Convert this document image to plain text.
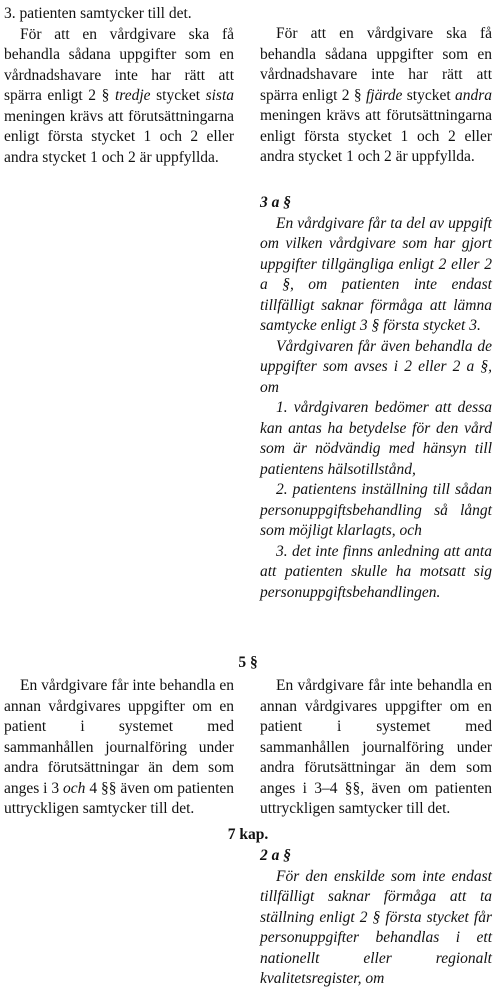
3. patienten samtycker till det.

För att en vårdgivare ska få behandla sådana uppgifter som en vårdnadshavare inte har rätt att spärra enligt 2 § tredje stycket sista meningen krävs att förutsättningarna enligt första stycket 1 och 2 eller andra stycket 1 och 2 är uppfyllda.

För att en vårdgivare ska få behandla sådana uppgifter som en vårdnadshavare inte har rätt att spärra enligt 2 § fjärde stycket andra meningen krävs att förutsättningarna enligt första stycket 1 och 2 eller andra stycket 1 och 2 är uppfyllda.

3 a §

En vårdgivare får ta del av uppgift om vilken vårdgivare som har gjort uppgifter tillgängliga enligt 2 eller 2 a §, om patienten inte endast tillfälligt saknar förmåga att lämna samtycke enligt 3 § första stycket 3.

Vårdgivaren får även behandla de uppgifter som avses i 2 eller 2 a §, om

1. vårdgivaren bedömer att dessa kan antas ha betydelse för den vård som är nödvändig med hänsyn till patientens hälsotillstånd,

2. patientens inställning till sådan personuppgiftsbehandling så långt som möjligt klarlagts, och

3. det inte finns anledning att anta att patienten skulle ha motsatt sig personuppgiftsbehandlingen.

5 §

En vårdgivare får inte behandla en annan vårdgivares uppgifter om en patient i systemet med sammanhållen journalföring under andra förutsättningar än dem som anges i 3 och 4 §§ även om patienten uttryckligen samtycker till det.

En vårdgivare får inte behandla en annan vårdgivares uppgifter om en patient i systemet med sammanhållen journalföring under andra förutsättningar än dem som anges i 3–4 §§, även om patienten uttryckligen samtycker till det.

7 kap.

2 a §

För den enskilde som inte endast tillfälligt saknar förmåga att ta ställning enligt 2 § första stycket får personuppgifter behandlas i ett nationellt eller regionalt kvalitetsregister, om
